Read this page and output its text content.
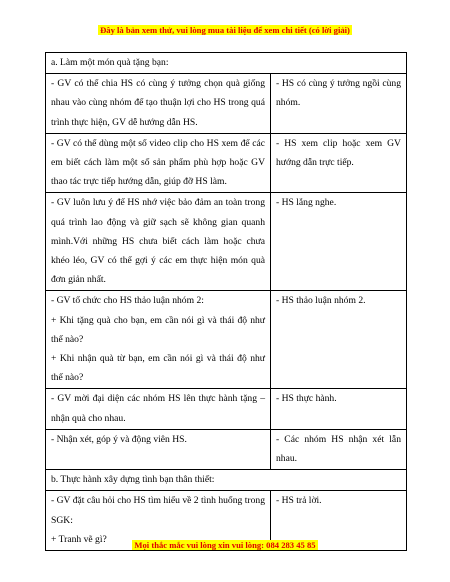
Đây là bản xem thử, vui lòng mua tài liệu để xem chi tiết (có lời giải)
a. Làm một món quà tặng bạn:	
- GV có thể chia HS có cùng ý tưởng chọn quà giống nhau vào cùng nhóm để tạo thuận lợi cho HS trong quá trình thực hiện, GV dễ hướng dẫn HS.	- HS có cùng ý tưởng ngồi cùng nhóm.
- GV có thể dùng một số video clip cho HS xem để các em biết cách làm một số sản phẩm phù hợp hoặc GV thao tác trực tiếp hướng dẫn, giúp đỡ HS làm.	- HS xem clip hoặc xem GV hướng dẫn trực tiếp.
- GV luôn lưu ý để HS nhớ việc bảo đảm an toàn trong quá trình lao động và giữ sạch sẽ không gian quanh mình.Với những HS chưa biết cách làm hoặc chưa khéo léo, GV có thể gợi ý các em thực hiện món quà đơn giản nhất.	- HS lắng nghe.

- GV tổ chức cho HS thảo luận nhóm 2:
+ Khi tặng quà cho bạn, em cần nói gì và thái độ như thế nào?
+ Khi nhận quà từ bạn, em cần nói gì và thái độ như thế nào?	- HS thảo luận nhóm 2.
- GV mời đại diện các nhóm HS lên thực hành tặng – nhận quà cho nhau.	- HS thực hành.
- Nhận xét, góp ý và động viên HS.	- Các nhóm HS nhận xét lẫn nhau.
b. Thực hành xây dựng tình bạn thân thiết:	

- GV đặt câu hỏi cho HS tìm hiểu về 2 tình huống trong SGK:
+ Tranh vẽ gì?	- HS trả lời.
Mọi thắc mắc vui lòng xin vui lòng: 084 283 45 85
